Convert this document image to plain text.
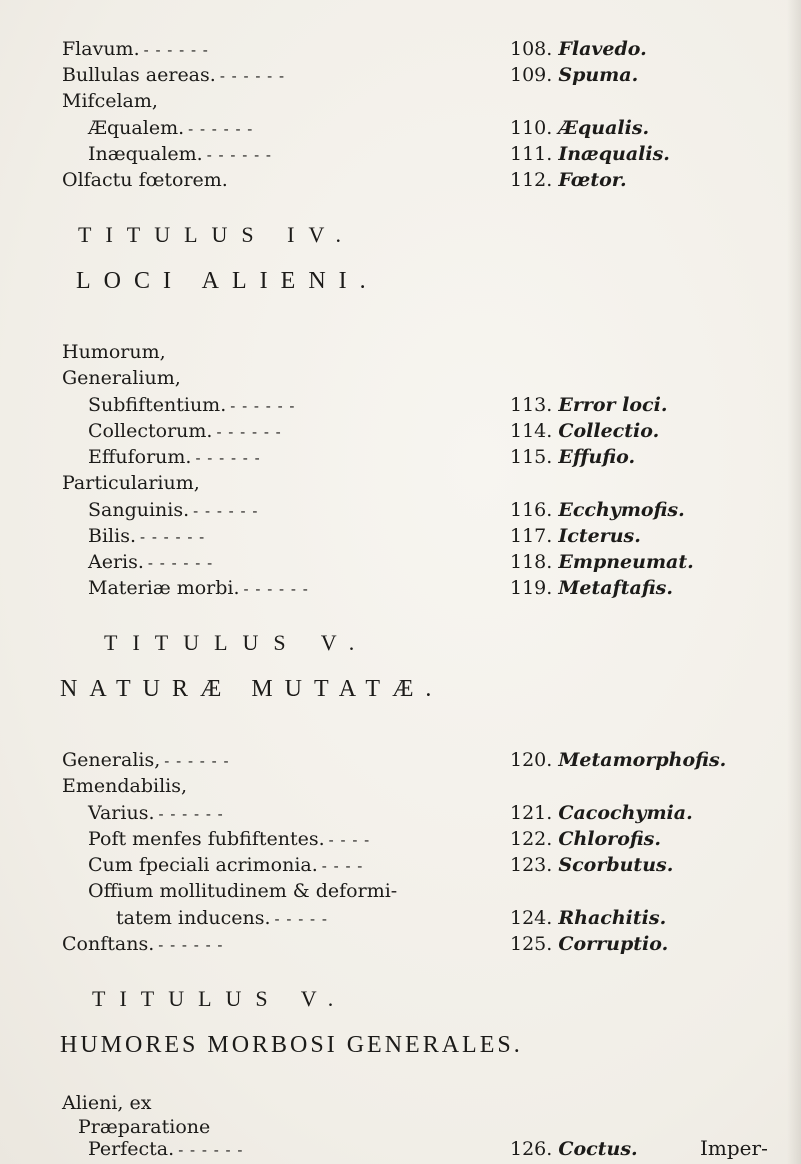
Flavum. - - - - - -	108. Flavedo.
Bullulas aereas. - - - - - -	109. Spuma.
Mifcelam,
Æqualem. - - - - - -	110. Æqualis.
Inæqualem. - - - - - -	111. Inæqualis.
Olfactu fœtorem.	112. Fœtor.
TITULUS IV.
LOCI ALIENI.
Humorum,
Generalium,
Subfiftentium. - - - - - -	113. Error loci.
Collectorum. - - - - - -	114. Collectio.
Effuforum. - - - - - -	115. Effufio.
Particularium,
Sanguinis. - - - - - -	116. Ecchymofis.
Bilis. - - - - - -	117. Icterus.
Aeris. - - - - - -	118. Empneumat.
Materiæ morbi. - - - - - -	119. Metaftafis.
TITULUS V.
NATURÆ MUTATÆ.
Generalis, - - - - - -	120. Metamorphofis.
Emendabilis,
Varius. - - - - - -	121. Cacochymia.
Poft menfes fubfiftentes. - - - -	122. Chlorofis.
Cum fpeciali acrimonia. - - - -	123. Scorbutus.
Offium mollitudinem & deformi-
tatem inducens. - - - - -	124. Rhachitis.
Conftans. - - - - - -	125. Corruptio.
TITULUS V.
HUMORES MORBOSI GENERALES.
Alieni, ex
Præparatione
Perfecta. - - - - - -	126. Coctus.	Imper-
